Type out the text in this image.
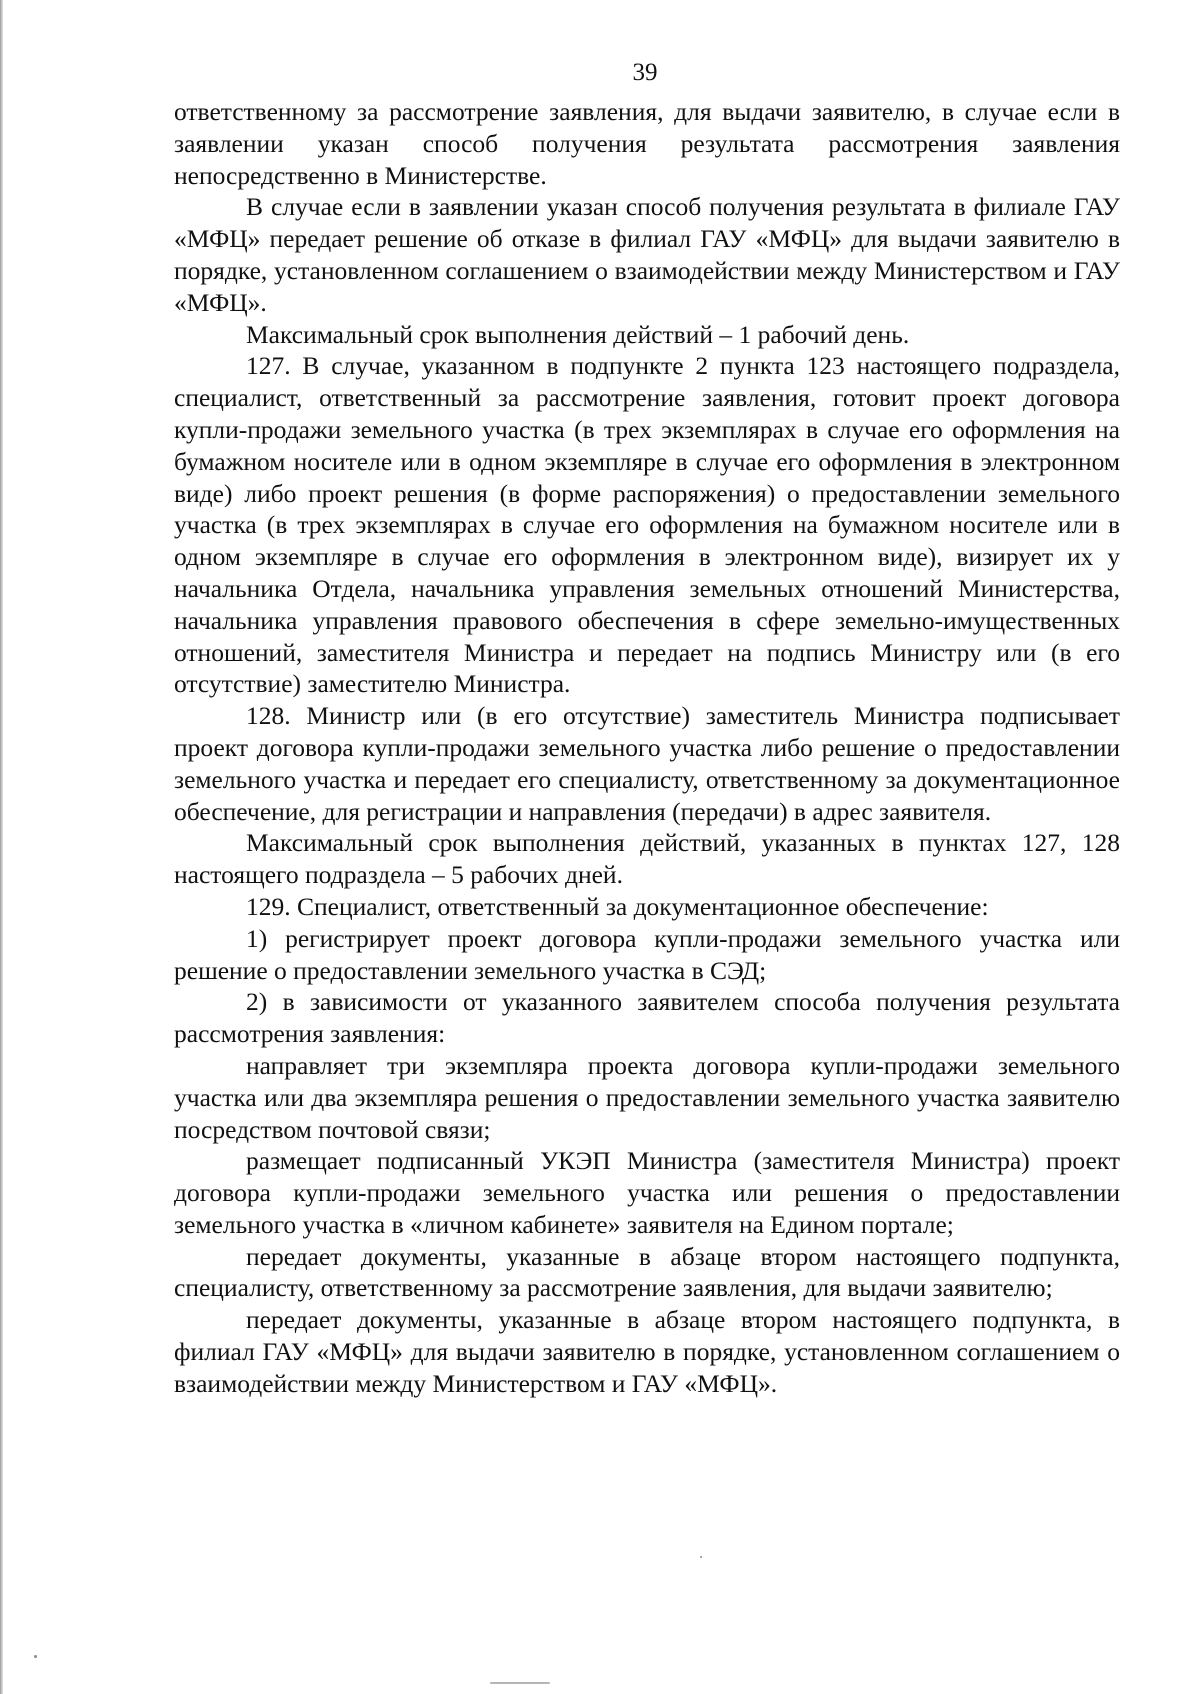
39

ответственному за рассмотрение заявления, для выдачи заявителю, в случае если в заявлении указан способ получения результата рассмотрения заявления непосредственно в Министерстве.

В случае если в заявлении указан способ получения результата в филиале ГАУ «МФЦ» передает решение об отказе в филиал ГАУ «МФЦ» для выдачи заявителю в порядке, установленном соглашением о взаимодействии между Министерством и ГАУ «МФЦ».

Максимальный срок выполнения действий – 1 рабочий день.

127. В случае, указанном в подпункте 2 пункта 123 настоящего подраздела, специалист, ответственный за рассмотрение заявления, готовит проект договора купли-продажи земельного участка (в трех экземплярах в случае его оформления на бумажном носителе или в одном экземпляре в случае его оформления в электронном виде) либо проект решения (в форме распоряжения) о предоставлении земельного участка (в трех экземплярах в случае его оформления на бумажном носителе или в одном экземпляре в случае его оформления в электронном виде), визирует их у начальника Отдела, начальника управления земельных отношений Министерства, начальника управления правового обеспечения в сфере земельно-имущественных отношений, заместителя Министра и передает на подпись Министру или (в его отсутствие) заместителю Министра.

128. Министр или (в его отсутствие) заместитель Министра подписывает проект договора купли-продажи земельного участка либо решение о предоставлении земельного участка и передает его специалисту, ответственному за документационное обеспечение, для регистрации и направления (передачи) в адрес заявителя.

Максимальный срок выполнения действий, указанных в пунктах 127, 128 настоящего подраздела – 5 рабочих дней.

129. Специалист, ответственный за документационное обеспечение:

1) регистрирует проект договора купли-продажи земельного участка или решение о предоставлении земельного участка в СЭД;

2) в зависимости от указанного заявителем способа получения результата рассмотрения заявления:

направляет три экземпляра проекта договора купли-продажи земельного участка или два экземпляра решения о предоставлении земельного участка заявителю посредством почтовой связи;

размещает подписанный УКЭП Министра (заместителя Министра) проект договора купли-продажи земельного участка или решения о предоставлении земельного участка в «личном кабинете» заявителя на Едином портале;

передает документы, указанные в абзаце втором настоящего подпункта, специалисту, ответственному за рассмотрение заявления, для выдачи заявителю;

передает документы, указанные в абзаце втором настоящего подпункта, в филиал ГАУ «МФЦ» для выдачи заявителю в порядке, установленном соглашением о взаимодействии между Министерством и ГАУ «МФЦ».
